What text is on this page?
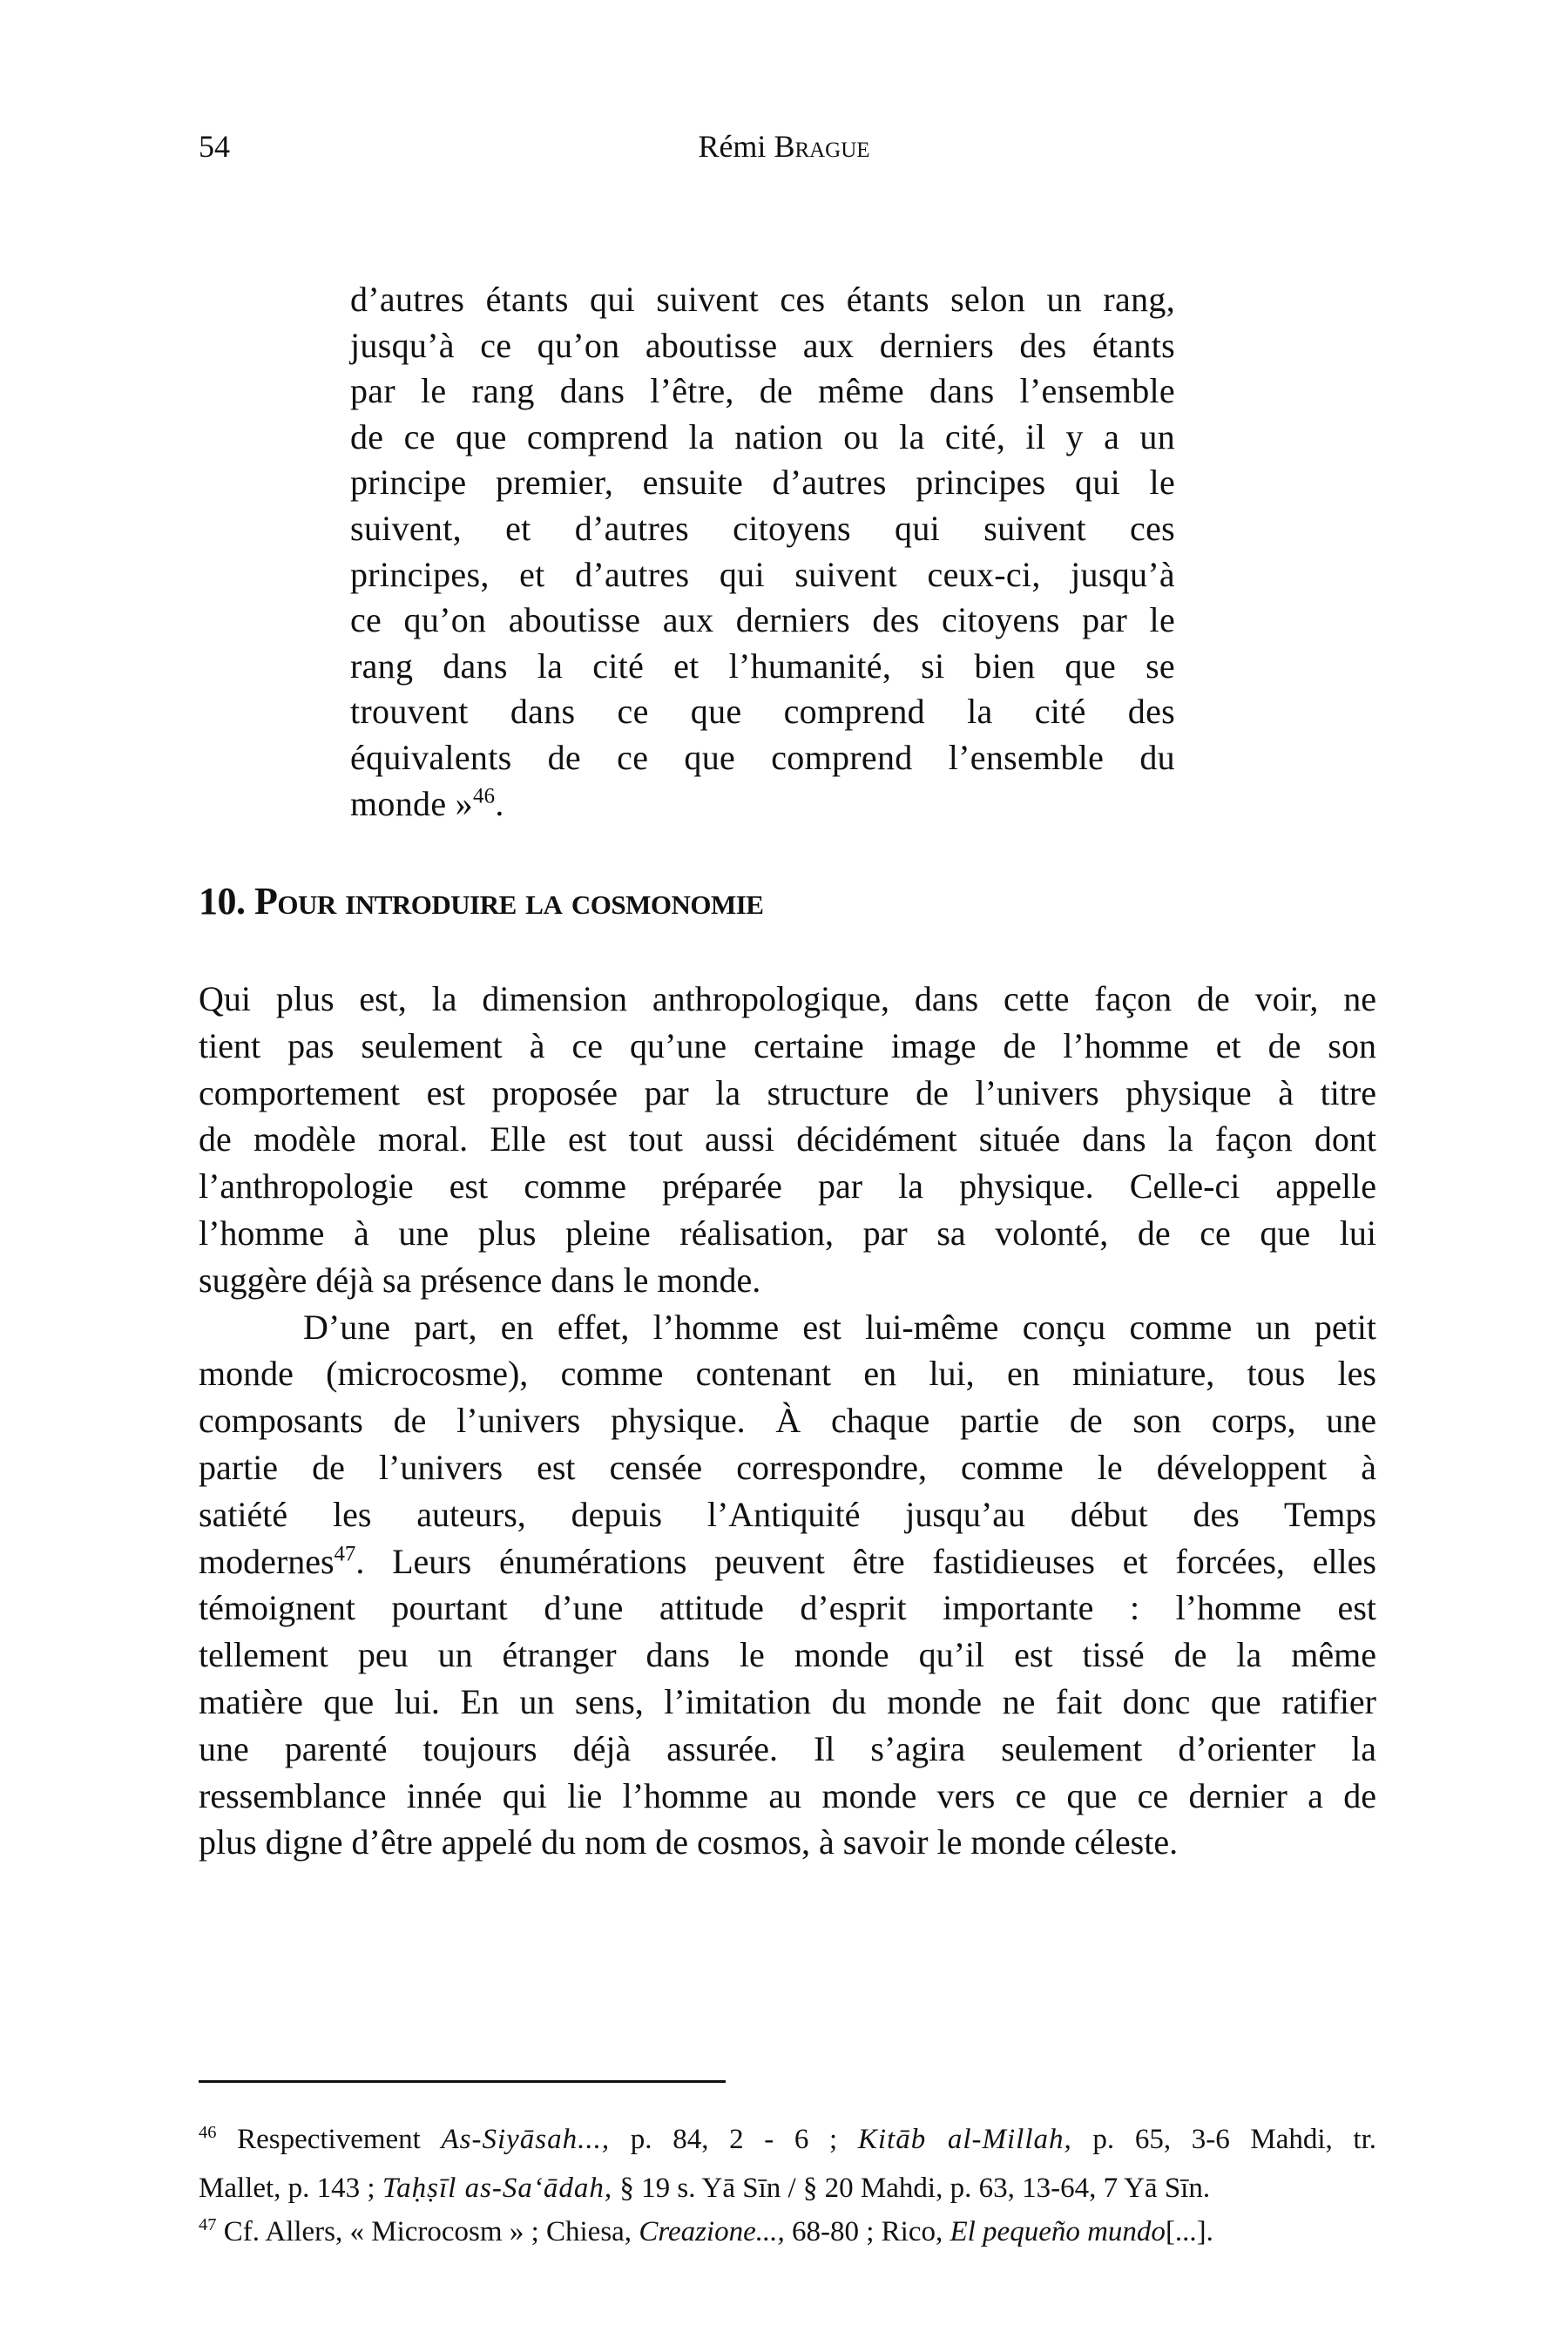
54	Rémi Brague
d’autres étants qui suivent ces étants selon un rang,
jusqu’à ce qu’on aboutisse aux derniers des étants
par le rang dans l’être, de même dans l’ensemble
de ce que comprend la nation ou la cité, il y a un
principe premier, ensuite d’autres principes qui le
suivent, et d’autres citoyens qui suivent ces
principes, et d’autres qui suivent ceux-ci, jusqu’à
ce qu’on aboutisse aux derniers des citoyens par le
rang dans la cité et l’humanité, si bien que se
trouvent dans ce que comprend la cité des
équivalents de ce que comprend l’ensemble du
monde »$^{46}$.
10. Pour introduire la cosmonomie
Qui plus est, la dimension anthropologique, dans cette façon de voir, ne
tient pas seulement à ce qu’une certaine image de l’homme et de son
comportement est proposée par la structure de l’univers physique à titre
de modèle moral. Elle est tout aussi décidément située dans la façon dont
l’anthropologie est comme préparée par la physique. Celle-ci appelle
l’homme à une plus pleine réalisation, par sa volonté, de ce que lui
suggère déjà sa présence dans le monde.
D’une part, en effet, l’homme est lui-même conçu comme un petit
monde (microcosme), comme contenant en lui, en miniature, tous les
composants de l’univers physique. À chaque partie de son corps, une
partie de l’univers est censée correspondre, comme le développent à
satiété les auteurs, depuis l’Antiquité jusqu’au début des Temps
modernes$^{47}$. Leurs énumérations peuvent être fastidieuses et forcées, elles
témoignent pourtant d’une attitude d’esprit importante : l’homme est
tellement peu un étranger dans le monde qu’il est tissé de la même
matière que lui. En un sens, l’imitation du monde ne fait donc que ratifier
une parenté toujours déjà assurée. Il s’agira seulement d’orienter la
ressemblance innée qui lie l’homme au monde vers ce que ce dernier a de
plus digne d’être appelé du nom de cosmos, à savoir le monde céleste.
$^{46}$ Respectivement As-Siyāsah..., p. 84, 2 - 6 ; Kitāb al-Millah, p. 65, 3-6 Mahdi, tr.
Mallet, p. 143 ; Taḥṣīl as-Sa‘ādah, § 19 s. Yā Sīn / § 20 Mahdi, p. 63, 13-64, 7 Yā Sīn.
$^{47}$ Cf. Allers, « Microcosm » ; Chiesa, Creazione..., 68-80 ; Rico, El pequeño mundo[...].
